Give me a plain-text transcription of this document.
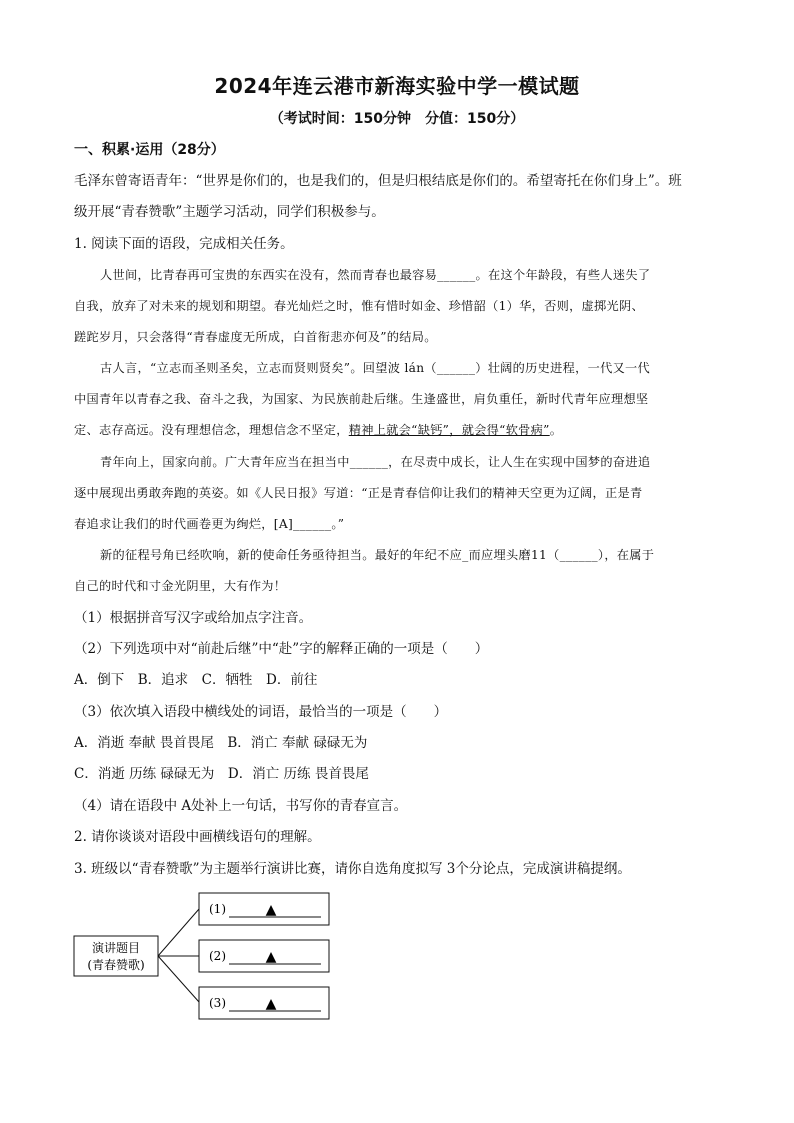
2024年连云港市新海实验中学一模试题
（考试时间：150分钟　分值：150分）
一、积累·运用（28分）
毛泽东曾寄语青年：“世界是你们的，也是我们的，但是归根结底是你们的。希望寄托在你们身上”。班
级开展“青春赞歌”主题学习活动，同学们积极参与。
1. 阅读下面的语段，完成相关任务。
人世间，比青春再可宝贵的东西实在没有，然而青春也最容易______。在这个年龄段，有些人迷失了
自我，放弃了对未来的规划和期望。春光灿烂之时，惟有惜时如金、珍惜韶（1）华，否则，虚掷光阴、
蹉跎岁月，只会落得“青春虚度无所成，白首衔悲亦何及”的结局。
古人言，“立志而圣则圣矣，立志而贤则贤矣”。回望波 lán（______）壮阔的历史进程，一代又一代
中国青年以青春之我、奋斗之我，为国家、为民族前赴后继。生逢盛世，肩负重任，新时代青年应理想坚
定、志存高远。没有理想信念，理想信念不坚定，精神上就会“缺钙”，就会得“软骨病”。
青年向上，国家向前。广大青年应当在担当中______，在尽责中成长，让人生在实现中国梦的奋进追
逐中展现出勇敢奔跑的英姿。如《人民日报》写道：“正是青春信仰让我们的精神天空更为辽阔，正是青
春追求让我们的时代画卷更为绚烂，[A]______。”
新的征程号角已经吹响，新的使命任务亟待担当。最好的年纪不应_而应埋头磨11（______），在属于
自己的时代和寸金光阴里，大有作为！
（1）根据拼音写汉字或给加点字注音。
（2）下列选项中对“前赴后继”中“赴”字的解释正确的一项是（　　）
A．倒下　B．追求　C．牺牲　D．前往
（3）依次填入语段中横线处的词语，最恰当的一项是（　　）
A．消逝 奉献 畏首畏尾　B．消亡 奉献 碌碌无为
C．消逝 历练 碌碌无为　D．消亡 历练 畏首畏尾
（4）请在语段中 A处补上一句话，书写你的青春宣言。
2. 请你谈谈对语段中画横线语句的理解。
3. 班级以“青春赞歌”为主题举行演讲比赛，请你自选角度拟写 3个分论点，完成演讲稿提纲。
演讲题目
(青春赞歌)
(1)	▲
(2)	▲
(3)	▲
